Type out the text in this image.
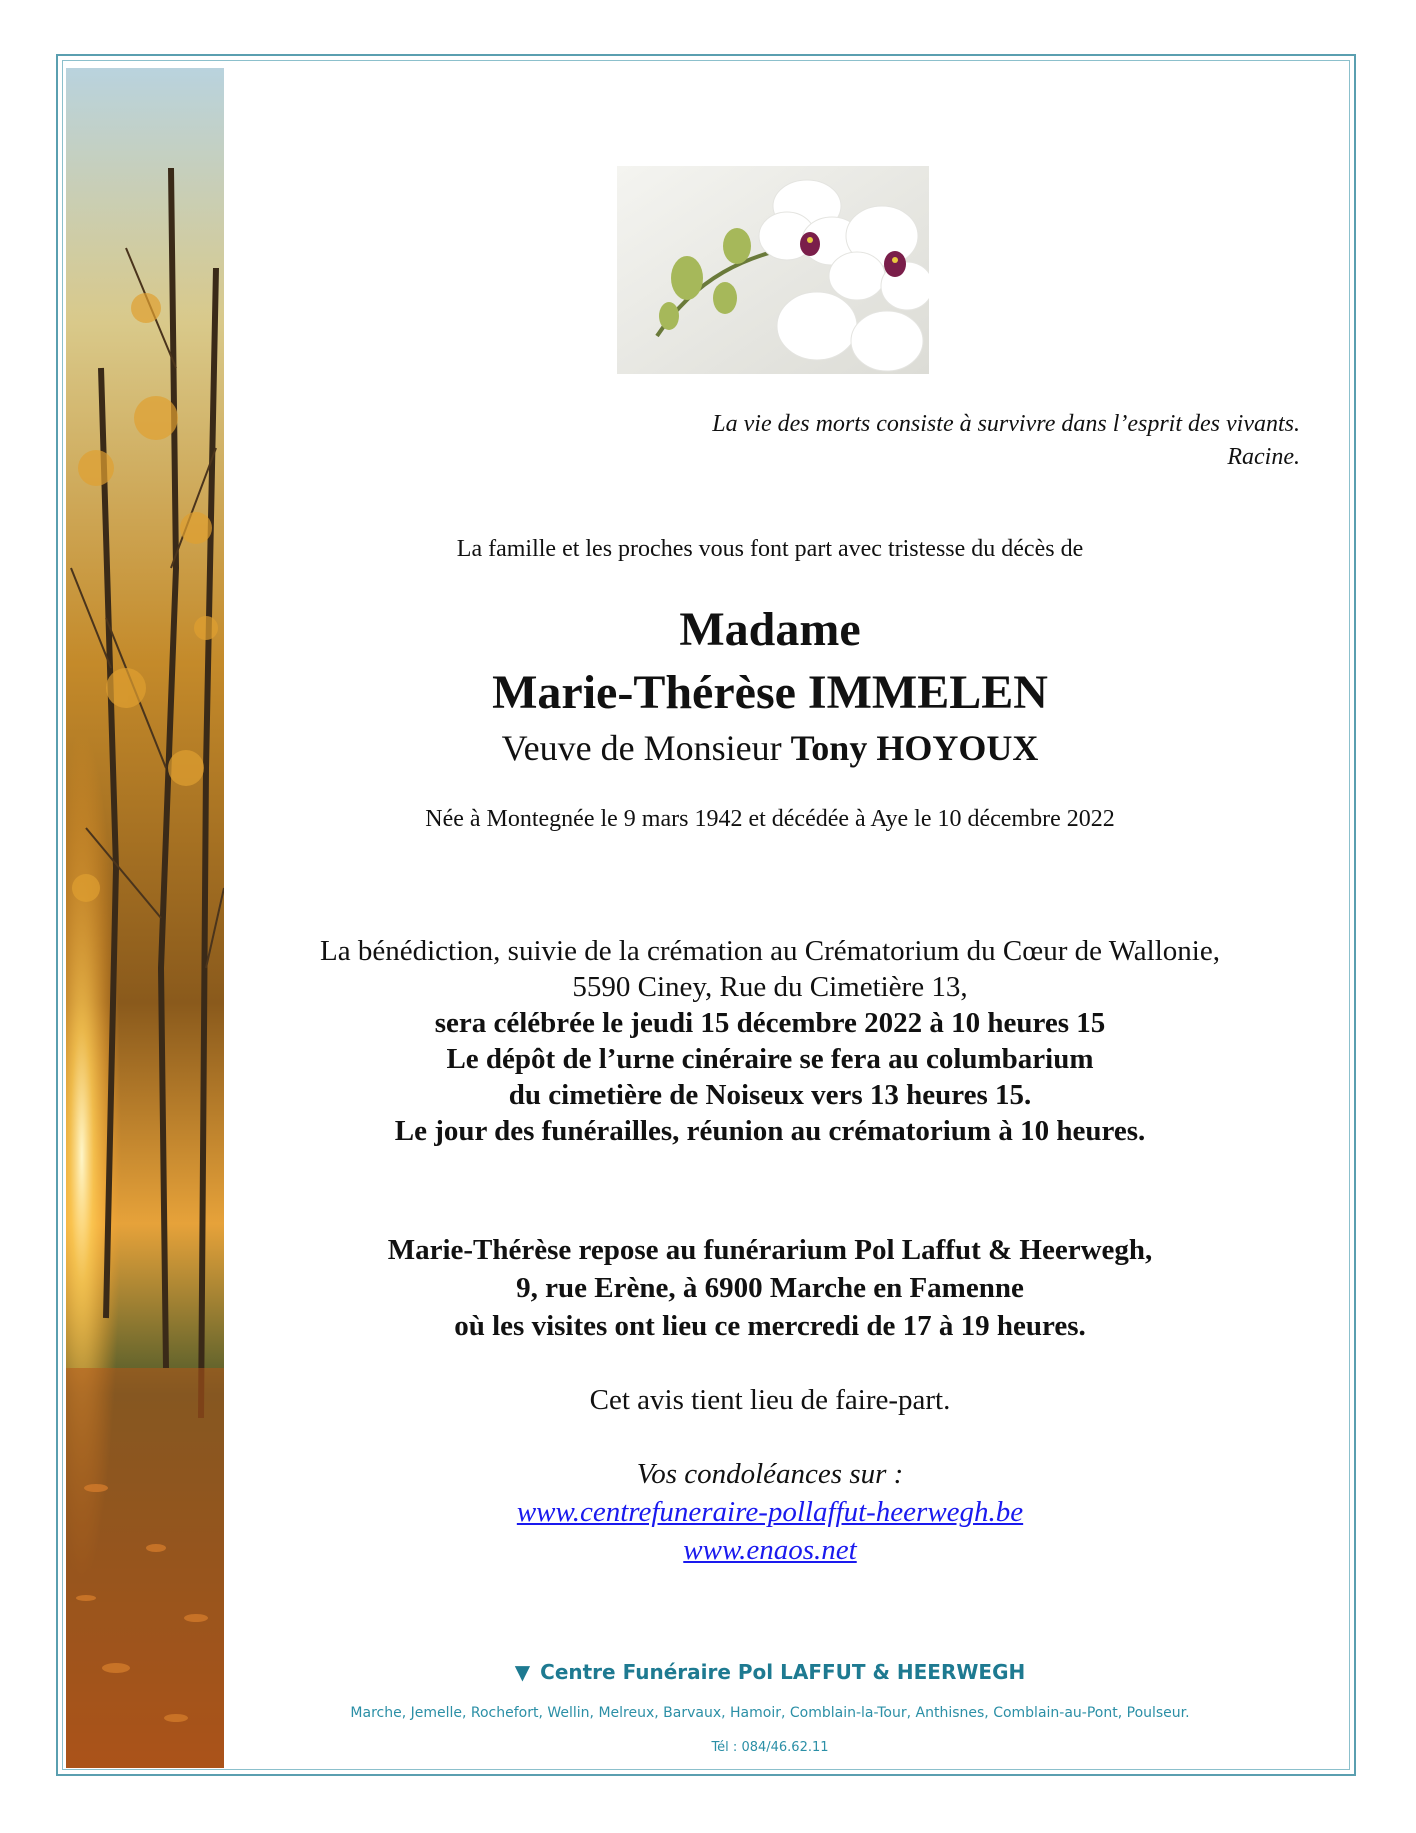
La vie des morts consiste à survivre dans l’esprit des vivants.
Racine.
La famille et les proches vous font part avec tristesse du décès de
Madame
Marie-Thérèse IMMELEN
Veuve de Monsieur Tony HOYOUX
Née à Montegnée le 9 mars 1942 et décédée à Aye le 10 décembre 2022
La bénédiction, suivie de la crémation au Crématorium du Cœur de Wallonie,
5590 Ciney, Rue du Cimetière 13,
sera célébrée le jeudi 15 décembre 2022 à 10 heures 15
Le dépôt de l’urne cinéraire se fera au columbarium
du cimetière de Noiseux vers 13 heures 15.
Le jour des funérailles, réunion au crématorium à 10 heures.
Marie-Thérèse repose au funérarium Pol Laffut & Heerwegh,
9, rue Erène, à 6900 Marche en Famenne
où les visites ont lieu ce mercredi de 17 à 19 heures.
Cet avis tient lieu de faire-part.
Vos condoléances sur :
www.centrefuneraire-pollaffut-heerwegh.be
www.enaos.net
▼ Centre Funéraire Pol LAFFUT & HEERWEGH
Marche, Jemelle, Rochefort, Wellin, Melreux, Barvaux, Hamoir, Comblain-la-Tour, Anthisnes, Comblain-au-Pont, Poulseur.
Tél : 084/46.62.11
